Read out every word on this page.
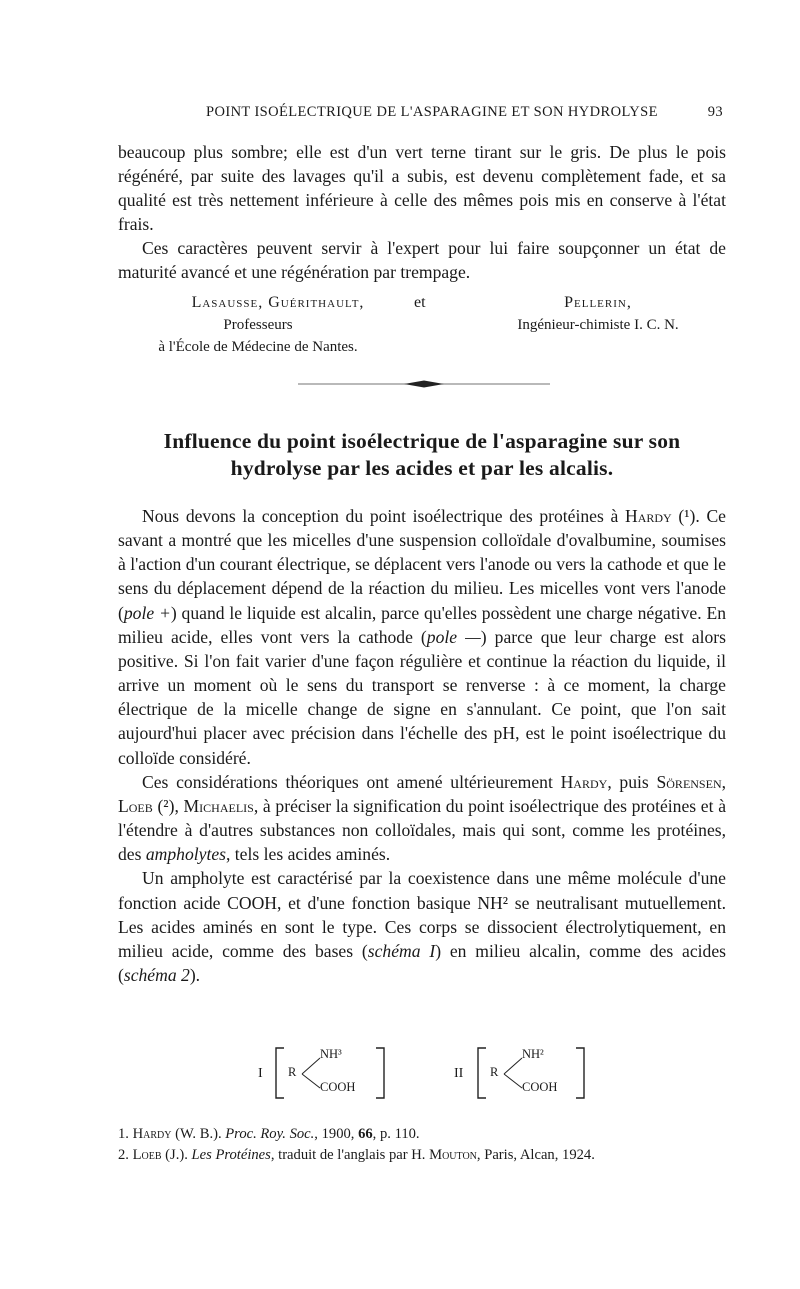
POINT ISOÉLECTRIQUE DE L'ASPARAGINE ET SON HYDROLYSE	93

beaucoup plus sombre; elle est d'un vert terne tirant sur le gris. De plus le pois régénéré, par suite des lavages qu'il a subis, est devenu complètement fade, et sa qualité est très nettement inférieure à celle des mêmes pois mis en conserve à l'état frais.

Ces caractères peuvent servir à l'expert pour lui faire soupçonner un état de maturité avancé et une régénération par trempage.

Lasausse, Guérithault,
Professeurs
à l'École de Médecine de Nantes.
et	Pellerin,
Ingénieur-chimiste I. C. N.
Influence du point isoélectrique de l'asparagine sur son
hydrolyse par les acides et par les alcalis.

Nous devons la conception du point isoélectrique des protéines à Hardy (¹). Ce savant a montré que les micelles d'une suspension colloïdale d'ovalbumine, soumises à l'action d'un courant électrique, se déplacent vers l'anode ou vers la cathode et que le sens du déplacement dépend de la réaction du milieu. Les micelles vont vers l'anode (pole +) quand le liquide est alcalin, parce qu'elles possèdent une charge négative. En milieu acide, elles vont vers la cathode (pole —) parce que leur charge est alors positive. Si l'on fait varier d'une façon régulière et continue la réaction du liquide, il arrive un moment où le sens du transport se renverse : à ce moment, la charge électrique de la micelle change de signe en s'annulant. Ce point, que l'on sait aujourd'hui placer avec précision dans l'échelle des pH, est le point isoélectrique du colloïde considéré.

Ces considérations théoriques ont amené ultérieurement Hardy, puis Sörensen, Loeb (²), Michaelis, à préciser la signification du point isoélectrique des protéines et à l'étendre à d'autres substances non colloïdales, mais qui sont, comme les protéines, des ampholytes, tels les acides aminés.

Un ampholyte est caractérisé par la coexistence dans une même molécule d'une fonction acide COOH, et d'une fonction basique NH² se neutralisant mutuellement. Les acides aminés en sont le type. Ces corps se dissocient électrolytiquement, en milieu acide, comme des bases (schéma I) en milieu alcalin, comme des acides (schéma 2).

I R
NH³
COOH
II R
NH²
COOH
1. Hardy (W. B.). Proc. Roy. Soc., 1900, 66, p. 110.
2. Loeb (J.). Les Protéines, traduit de l'anglais par H. Mouton, Paris, Alcan, 1924.
